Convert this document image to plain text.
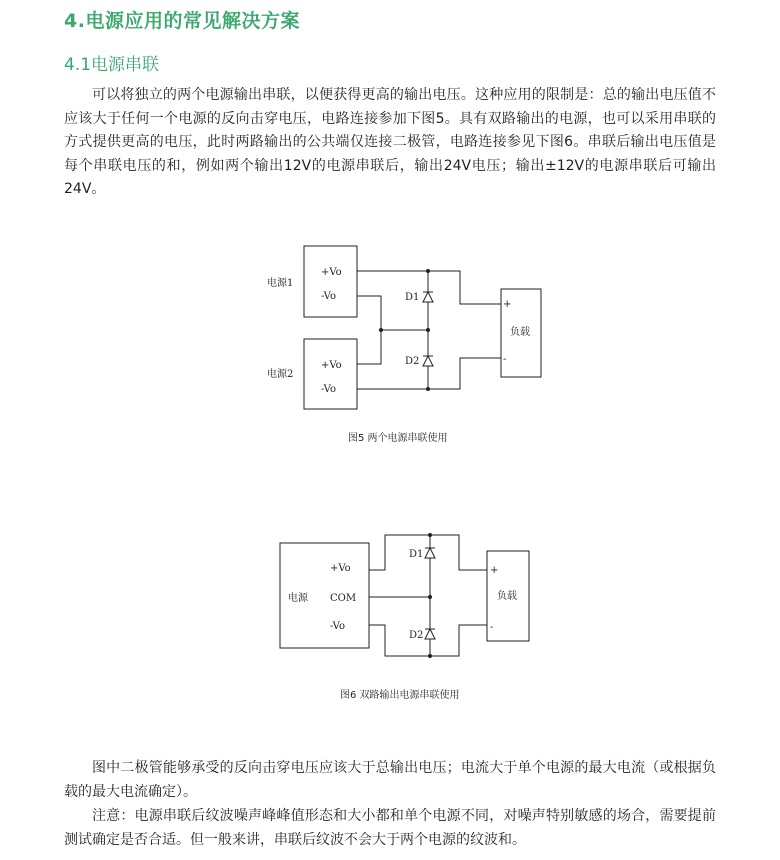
4.电源应用的常见解决方案
4.1电源串联
可以将独立的两个电源输出串联，以便获得更高的输出电压。这种应用的限制是：总的输出电压值不应该大于任何一个电源的反向击穿电压，电路连接参加下图5。具有双路输出的电源，也可以采用串联的方式提供更高的电压，此时两路输出的公共端仅连接二极管，电路连接参见下图6。串联后输出电压值是每个串联电压的和，例如两个输出12V的电源串联后，输出24V电压；输出±12V的电源串联后可输出24V。
电源1
电源2
+Vo
-Vo
+Vo
-Vo
D1
D2
+
-
负载
图5 两个电源串联使用
电源
+Vo
COM
-Vo
D1
D2
+
-
负载
图6 双路输出电源串联使用
图中二极管能够承受的反向击穿电压应该大于总输出电压；电流大于单个电源的最大电流（或根据负载的最大电流确定）。
注意：电源串联后纹波噪声峰峰值形态和大小都和单个电源不同，对噪声特别敏感的场合，需要提前测试确定是否合适。但一般来讲，串联后纹波不会大于两个电源的纹波和。
